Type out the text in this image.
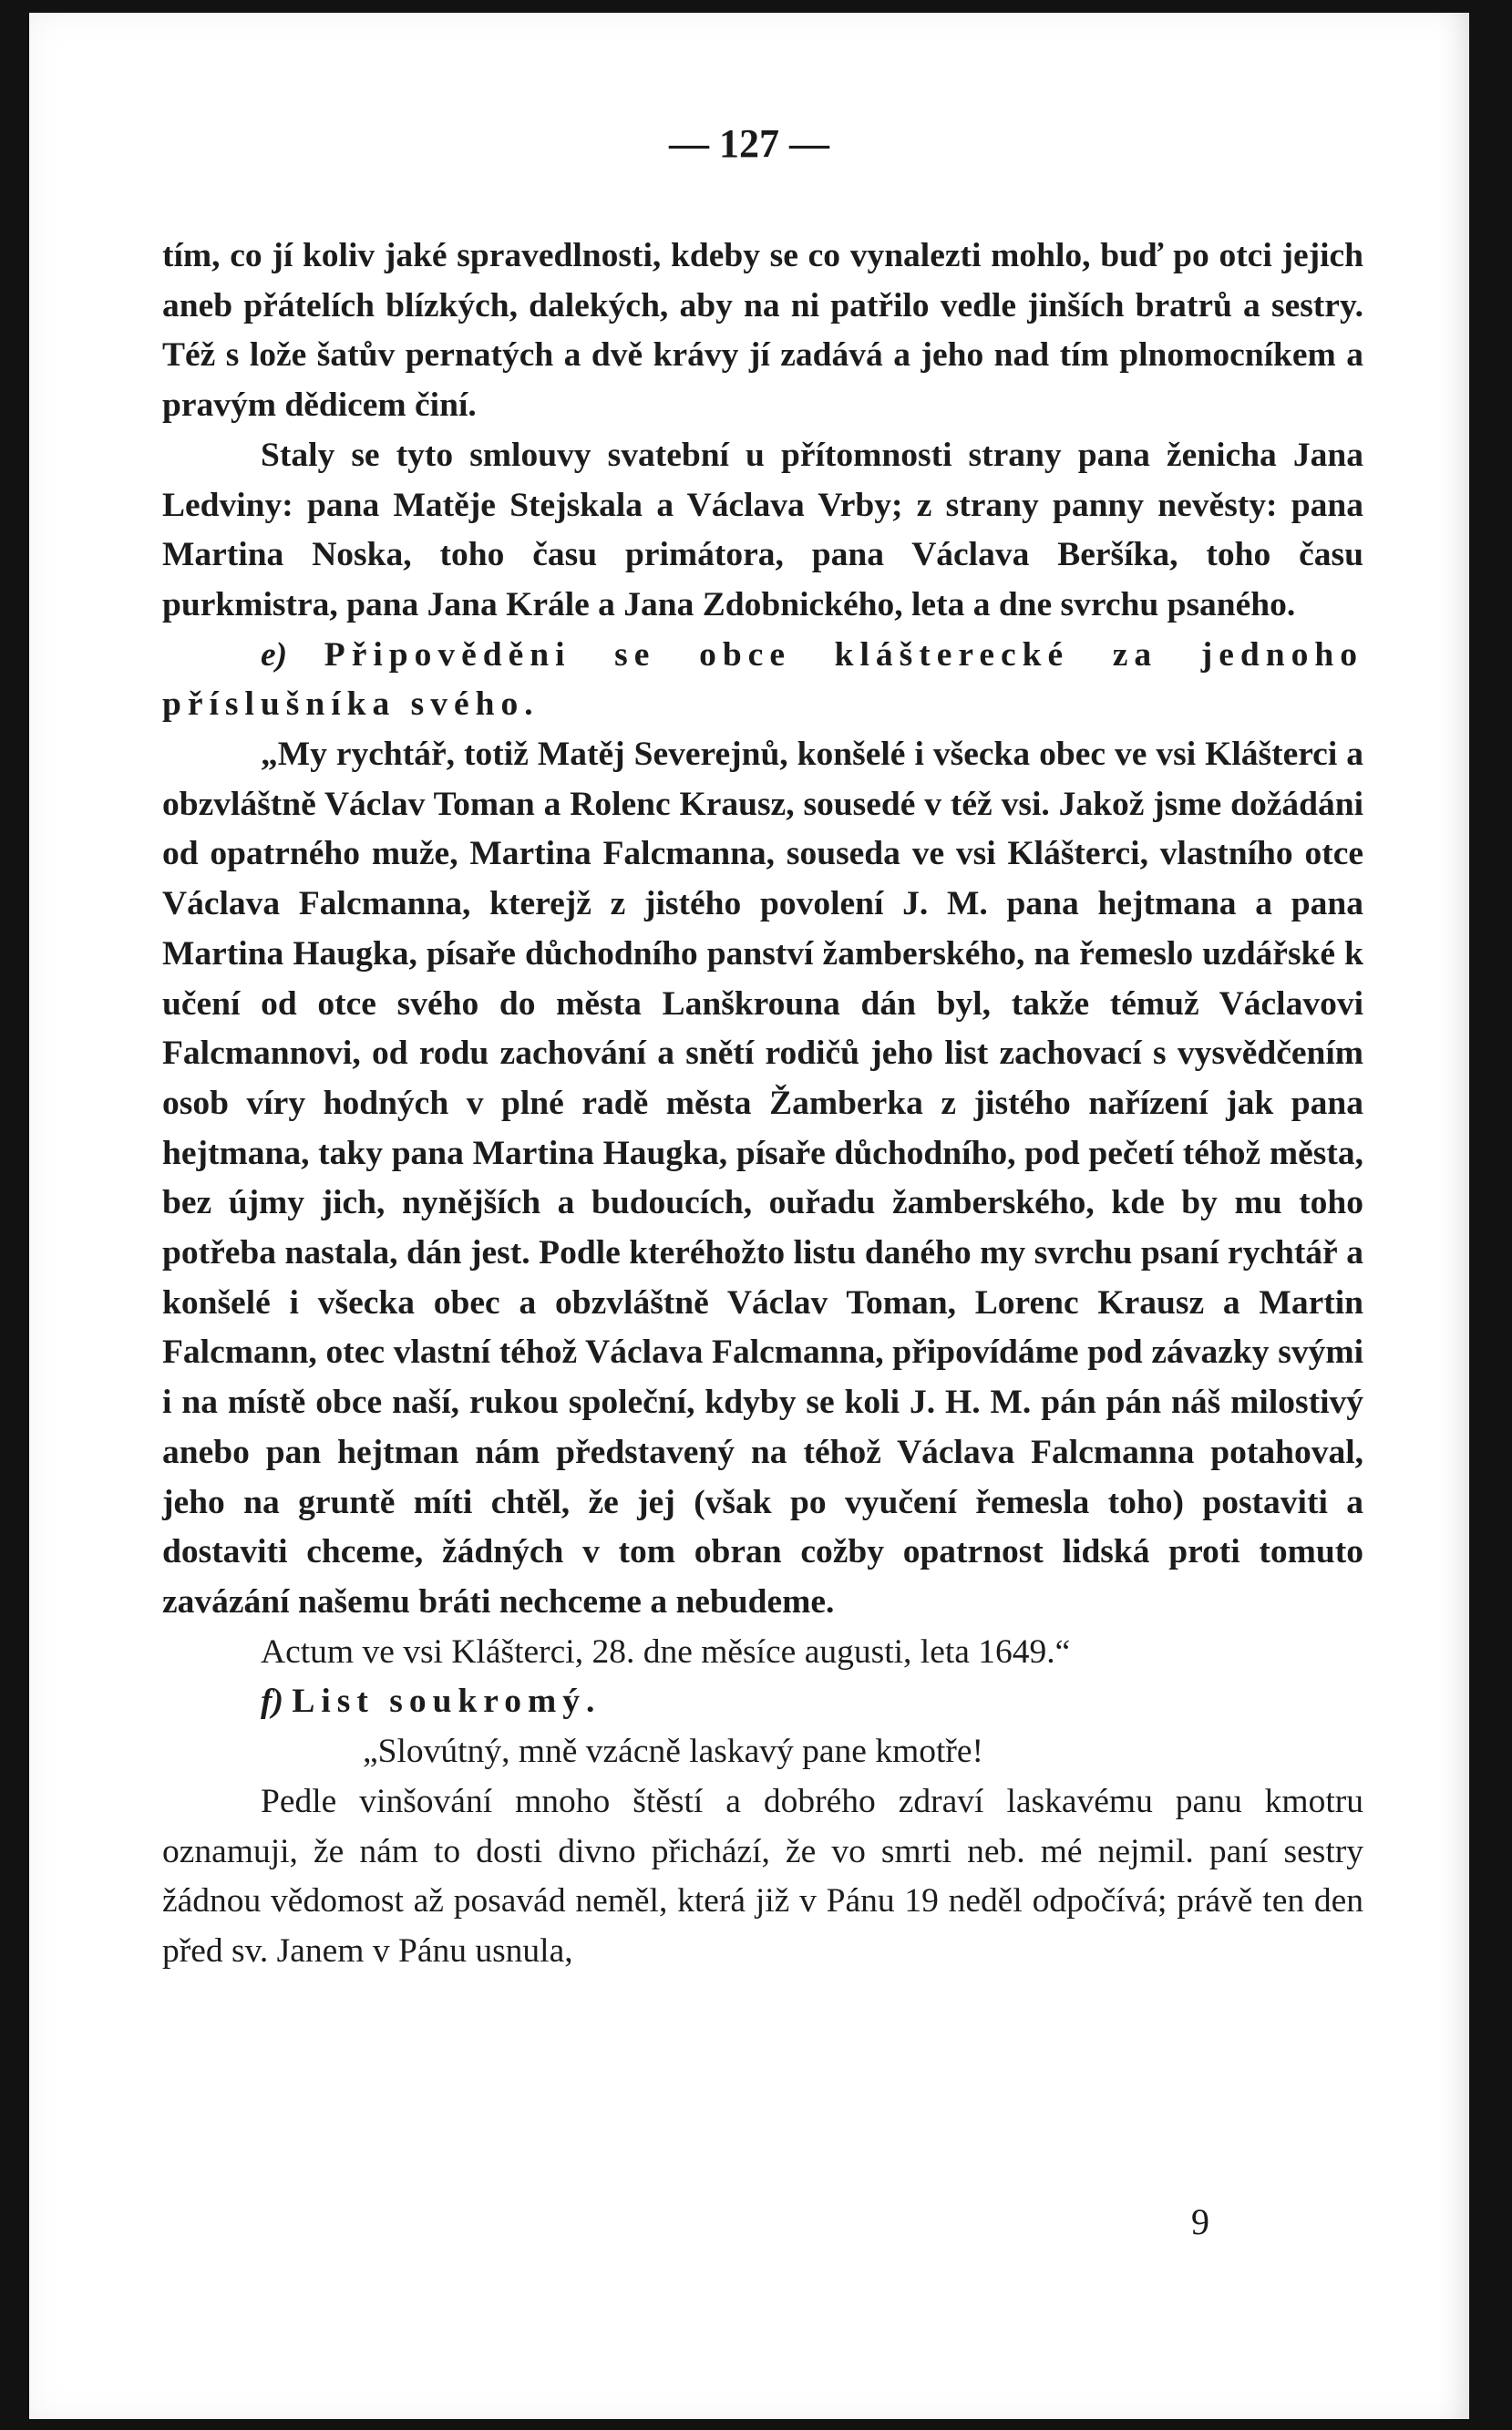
— 127 —

tím, co jí koliv jaké spravedlnosti, kdeby se co vynalezti mohlo, buď po otci jejich aneb přátelích blízkých, dalekých, aby na ni patřilo vedle jinších bratrů a sestry. Též s lože šatův pernatých a dvě krávy jí zadává a jeho nad tím plnomocníkem a pravým dědicem činí.

Staly se tyto smlouvy svatební u přítomnosti strany pana ženicha Jana Ledviny: pana Matěje Stejskala a Václava Vrby; z strany panny nevěsty: pana Martina Noska, toho času primátora, pana Václava Beršíka, toho času purkmistra, pana Jana Krále a Jana Zdobnického, leta a dne svrchu psaného.

e) Připověděni se obce klášterecké za jednoho příslušníka svého.

„My rychtář, totiž Matěj Severejnů, konšelé i všecka obec ve vsi Klášterci a obzvláštně Václav Toman a Rolenc Krausz, sousedé v též vsi. Jakož jsme dožádáni od opatrného muže, Martina Falcmanna, souseda ve vsi Klášterci, vlastního otce Václava Falcmanna, kterejž z jistého povolení J. M. pana hejtmana a pana Martina Haugka, písaře důchodního panství žamberského, na řemeslo uzdářské k učení od otce svého do města Lanškrouna dán byl, takže témuž Václavovi Falcmannovi, od rodu zachování a snětí rodičů jeho list zachovací s vysvědčením osob víry hodných v plné radě města Žamberka z jistého nařízení jak pana hejtmana, taky pana Martina Haugka, písaře důchodního, pod pečetí téhož města, bez újmy jich, nynějších a budoucích, ouřadu žamberského, kde by mu toho potřeba nastala, dán jest. Podle kteréhožto listu daného my svrchu psaní rychtář a konšelé i všecka obec a obzvláštně Václav Toman, Lorenc Krausz a Martin Falcmann, otec vlastní téhož Václava Falcmanna, připovídáme pod závazky svými i na místě obce naší, rukou společní, kdyby se koli J. H. M. pán pán náš milostivý anebo pan hejtman nám představený na téhož Václava Falcmanna potahoval, jeho na gruntě míti chtěl, že jej (však po vyučení řemesla toho) postaviti a dostaviti chceme, žádných v tom obran cožby opatrnost lidská proti tomuto zavázání našemu bráti nechceme a nebudeme.

Actum ve vsi Klášterci, 28. dne měsíce augusti, leta 1649.“

f) List soukromý.

„Slovútný, mně vzácně laskavý pane kmotře!

Pedle vinšování mnoho štěstí a dobrého zdraví laskavému panu kmotru oznamuji, že nám to dosti divno přichází, že vo smrti neb. mé nejmil. paní sestry žádnou vědomost až posavád neměl, která již v Pánu 19 neděl odpočívá; právě ten den před sv. Janem v Pánu usnula,

9
